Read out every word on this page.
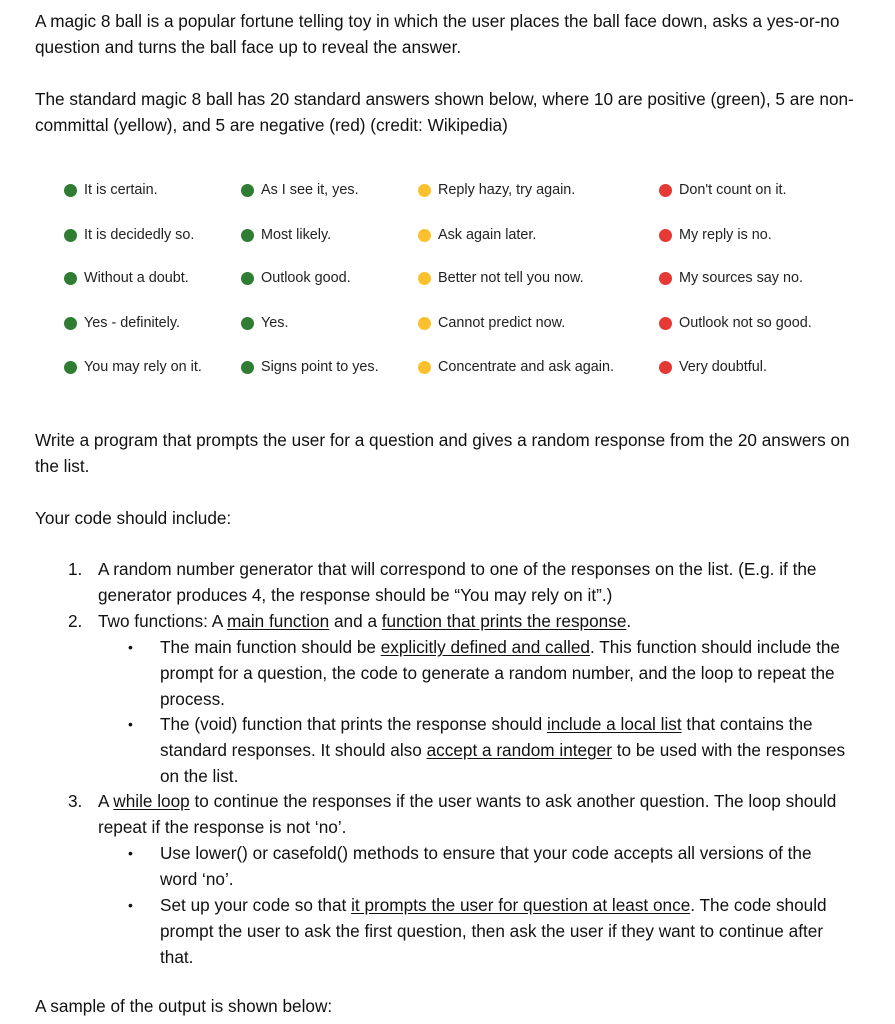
A magic 8 ball is a popular fortune telling toy in which the user places the ball face down, asks a yes-or-no question and turns the ball face up to reveal the answer.

The standard magic 8 ball has 20 standard answers shown below, where 10 are positive (green), 5 are non-committal (yellow), and 5 are negative (red) (credit: Wikipedia)

It is certain.
It is decidedly so.
Without a doubt.
Yes - definitely.
You may rely on it.
As I see it, yes.
Most likely.
Outlook good.
Yes.
Signs point to yes.
Reply hazy, try again.
Ask again later.
Better not tell you now.
Cannot predict now.
Concentrate and ask again.
Don't count on it.
My reply is no.
My sources say no.
Outlook not so good.
Very doubtful.

Write a program that prompts the user for a question and gives a random response from the 20 answers on the list.

Your code should include:

1. A random number generator that will correspond to one of the responses on the list. (E.g. if the generator produces 4, the response should be “You may rely on it”.)

2. Two functions: A main function and a function that prints the response.

• The main function should be explicitly defined and called. This function should include the prompt for a question, the code to generate a random number, and the loop to repeat the process.

• The (void) function that prints the response should include a local list that contains the standard responses. It should also accept a random integer to be used with the responses on the list.

3. A while loop to continue the responses if the user wants to ask another question. The loop should repeat if the response is not ‘no’.

• Use lower() or casefold() methods to ensure that your code accepts all versions of the word ‘no’.

• Set up your code so that it prompts the user for question at least once. The code should prompt the user to ask the first question, then ask the user if they want to continue after that.

A sample of the output is shown below:
